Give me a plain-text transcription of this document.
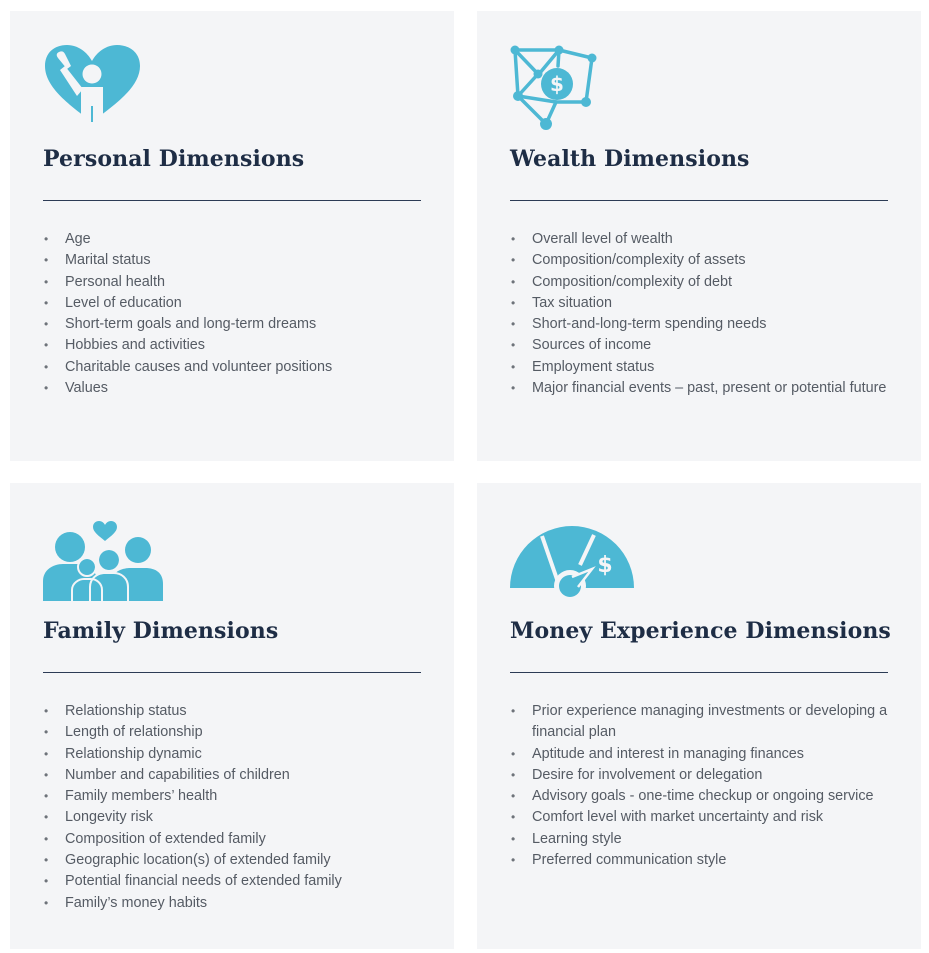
Personal Dimensions
• Age
• Marital status
• Personal health
• Level of education
• Short-term goals and long-term dreams
• Hobbies and activities
• Charitable causes and volunteer positions
• Values
$
Wealth Dimensions
• Overall level of wealth
• Composition/complexity of assets
• Composition/complexity of debt
• Tax situation
• Short-and-long-term spending needs
• Sources of income
• Employment status
• Major financial events – past, present or potential future
Family Dimensions
• Relationship status
• Length of relationship
• Relationship dynamic
• Number and capabilities of children
• Family members’ health
• Longevity risk
• Composition of extended family
• Geographic location(s) of extended family
• Potential financial needs of extended family
• Family’s money habits
$
Money Experience Dimensions
• Prior experience managing investments or developing a financial plan
• Aptitude and interest in managing finances
• Desire for involvement or delegation
• Advisory goals - one-time checkup or ongoing service
• Comfort level with market uncertainty and risk
• Learning style
• Preferred communication style
